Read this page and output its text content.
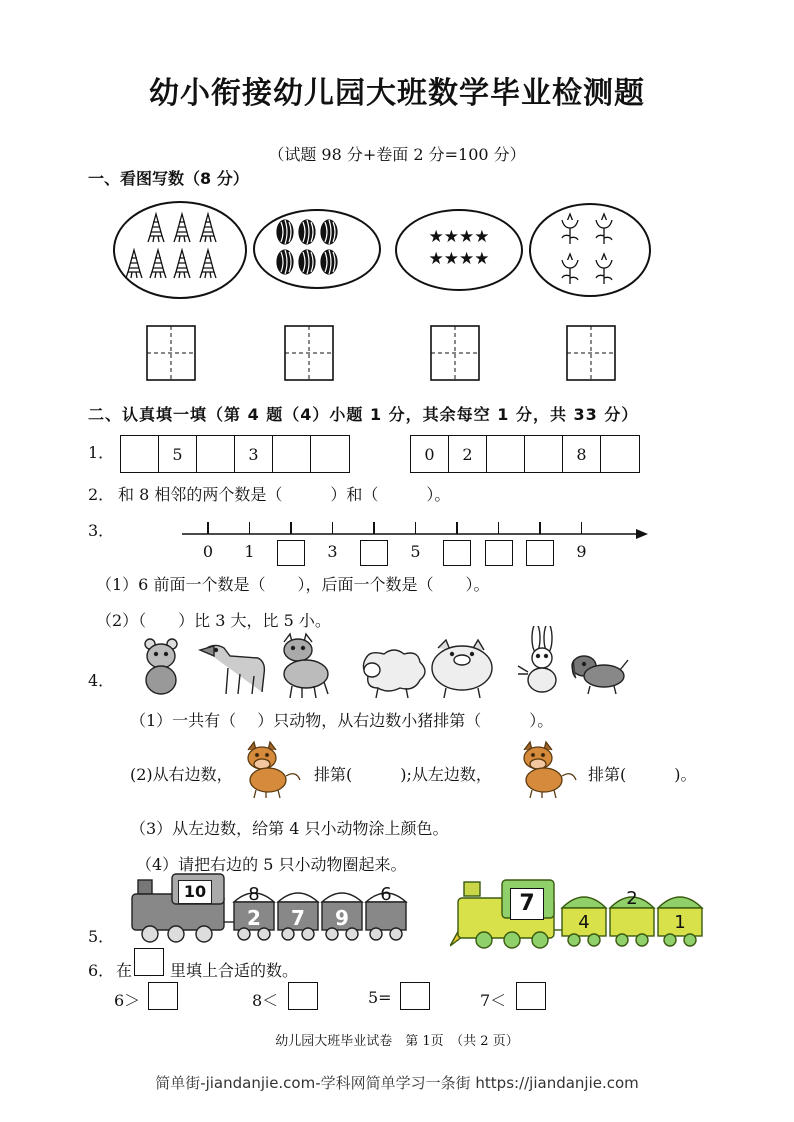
幼小衔接幼儿园大班数学毕业检测题
（试题 98 分+卷面 2 分=100 分）
一、看图写数（8 分）
★★★★
★★★★
二、认真填一填（第 4 题（4）小题 1 分，其余每空 1 分，共 33 分）
1．	5	3	0	2	8
2． 和 8 相邻的两个数是（　　　）和（　　　）。
3．
0	1	3	5	9
（1）6 前面一个数是（　　），后面一个数是（　　）。
（2）（　　）比 3 大，比 5 小。
4．
（1）一共有（　 ）只动物，从右边数小猪排第（　　　）。
(2)从右边数，	排第(　　　);从左边数，	排第(　　　)。
（3）从左边数，给第 4 只小动物涂上颜色。
（4）请把右边的 5 只小动物圈起来。
5．
10	8	6
2	7	9
7	2
4	1
6． 在 里填上合适的数。
6＞	8＜	5=	7＜
幼儿园大班毕业试卷　第 1页　（共 2 页）
简单街-jiandanjie.com-学科网简单学习一条街 https://jiandanjie.com
